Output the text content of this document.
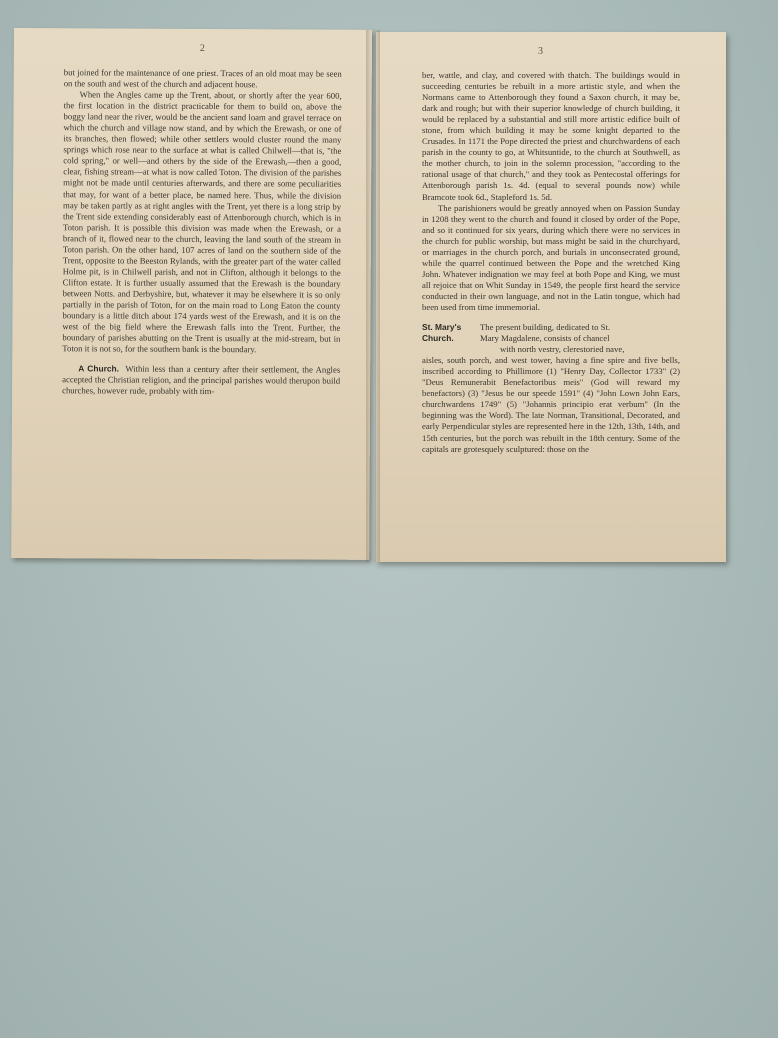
2

but joined for the maintenance of one priest. Traces of an old moat may be seen on the south and west of the church and adjacent house.

When the Angles came up the Trent, about, or shortly after the year 600, the first location in the district practicable for them to build on, above the boggy land near the river, would be the ancient sand loam and gravel terrace on which the church and village now stand, and by which the Erewash, or one of its branches, then flowed; while other settlers would cluster round the many springs which rose near to the surface at what is called Chilwell—that is, "the cold spring," or well—and others by the side of the Erewash,—then a good, clear, fishing stream—at what is now called Toton. The division of the parishes might not be made until centuries afterwards, and there are some peculiarities that may, for want of a better place, be named here. Thus, while the division may be taken partly as at right angles with the Trent, yet there is a long strip by the Trent side extending considerably east of Attenborough church, which is in Toton parish. It is possible this division was made when the Erewash, or a branch of it, flowed near to the church, leaving the land south of the stream in Toton parish. On the other hand, 107 acres of land on the southern side of the Trent, opposite to the Beeston Rylands, with the greater part of the water called Holme pit, is in Chilwell parish, and not in Clifton, although it belongs to the Clifton estate. It is further usually assumed that the Erewash is the boundary between Notts. and Derbyshire, but, whatever it may be elsewhere it is so only partially in the parish of Toton, for on the main road to Long Eaton the county boundary is a little ditch about 174 yards west of the Erewash, and it is on the west of the big field where the Erewash falls into the Trent. Further, the boundary of parishes abutting on the Trent is usually at the mid-stream, but in Toton it is not so, for the southern bank is the boundary.

A Church. Within less than a century after their settlement, the Angles accepted the Christian religion, and the principal parishes would therupon build churches, however rude, probably with tim-

3

ber, wattle, and clay, and covered with thatch. The buildings would in succeeding centuries be rebuilt in a more artistic style, and when the Normans came to Attenborough they found a Saxon church, it may be, dark and rough; but with their superior knowledge of church building, it would be replaced by a substantial and still more artistic edifice built of stone, from which building it may be some knight departed to the Crusades. In 1171 the Pope directed the priest and churchwardens of each parish in the county to go, at Whitsuntide, to the church at Southwell, as the mother church, to join in the solemn procession, "according to the rational usage of that church," and they took as Pentecostal offerings for Attenborough parish 1s. 4d. (equal to several pounds now) while Bramcote took 6d., Stapleford 1s. 5d.

The parishioners would be greatly annoyed when on Passion Sunday in 1208 they went to the church and found it closed by order of the Pope, and so it continued for six years, during which there were no services in the church for public worship, but mass might be said in the churchyard, or marriages in the church porch, and burials in unconsecrated ground, while the quarrel continued between the Pope and the wretched King John. Whatever indignation we may feel at both Pope and King, we must all rejoice that on Whit Sunday in 1549, the people first heard the service conducted in their own language, and not in the Latin tongue, which had been used from time immemorial.

St. Mary's
Church.

The present building, dedicated to St.

Mary Magdalene, consists of chancel

with north vestry, clerestoried nave,

aisles, south porch, and west tower, having a fine spire and five bells, inscribed according to Phillimore (1) "Henry Day, Collector 1733" (2) "Deus Remunerabit Benefactoribus meis" (God will reward my benefactors) (3) "Jesus be our speede 1591" (4) "John Lown John Ears, churchwardens 1749" (5) "Johannis principio erat verbum" (In the beginning was the Word). The late Norman, Transitional, Decorated, and early Perpendicular styles are represented here in the 12th, 13th, 14th, and 15th centuries, but the porch was rebuilt in the 18th century. Some of the capitals are grotesquely sculptured: those on the
